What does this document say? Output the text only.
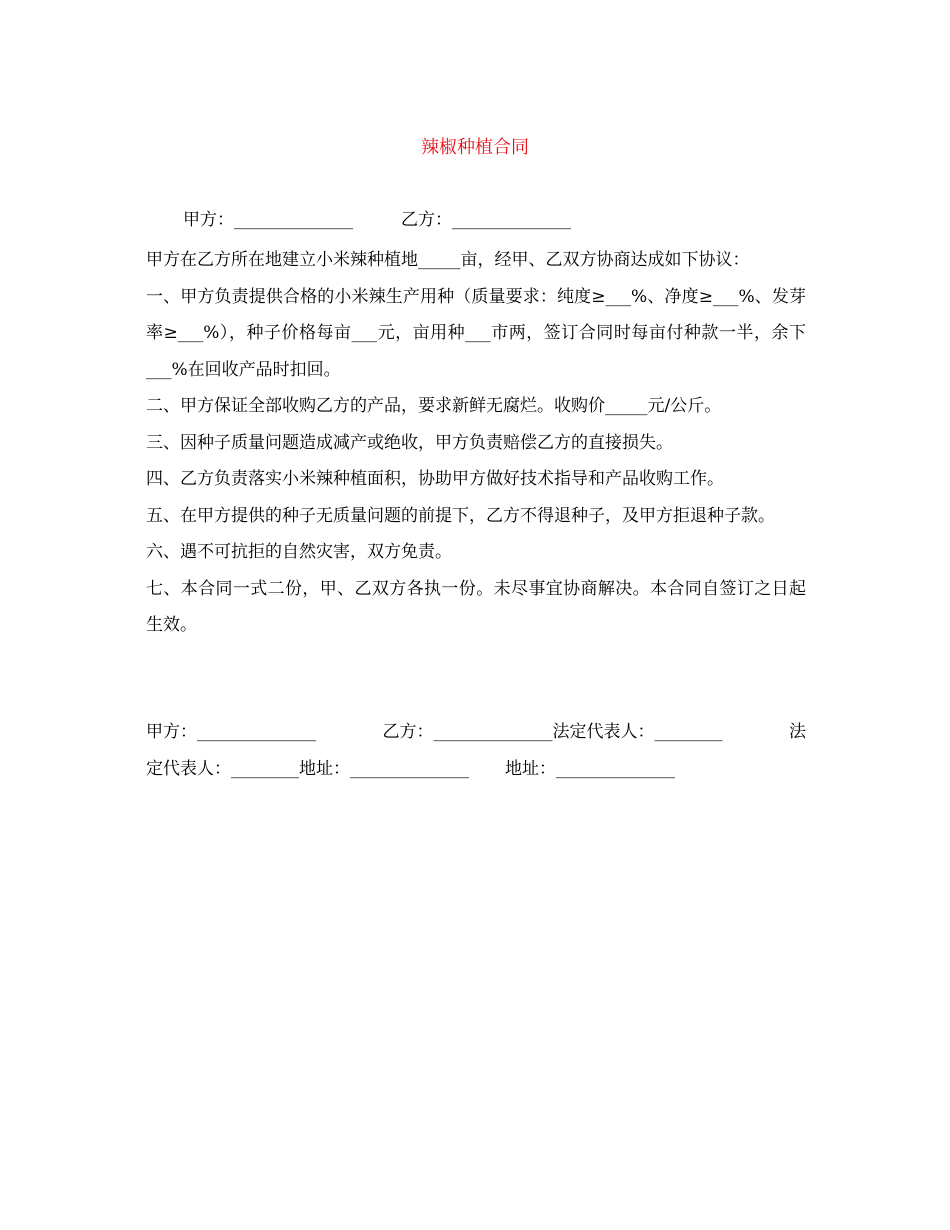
辣椒种植合同
甲方：______________	乙方：______________

甲方在乙方所在地建立小米辣种植地_____亩，经甲、乙双方协商达成如下协议：

一、甲方负责提供合格的小米辣生产用种（质量要求：纯度≥___%、净度≥___%、发芽率≥___%），种子价格每亩___元，亩用种___市两，签订合同时每亩付种款一半，余下___%在回收产品时扣回。

二、甲方保证全部收购乙方的产品，要求新鲜无腐烂。收购价_____元/公斤。

三、因种子质量问题造成减产或绝收，甲方负责赔偿乙方的直接损失。

四、乙方负责落实小米辣种植面积，协助甲方做好技术指导和产品收购工作。

五、在甲方提供的种子无质量问题的前提下，乙方不得退种子，及甲方拒退种子款。

六、遇不可抗拒的自然灾害，双方免责。

七、本合同一式二份，甲、乙双方各执一份。未尽事宜协商解决。本合同自签订之日起生效。

甲方：______________	乙方：______________法定代表人：________	法
定代表人：________地址：______________ 地址：______________
